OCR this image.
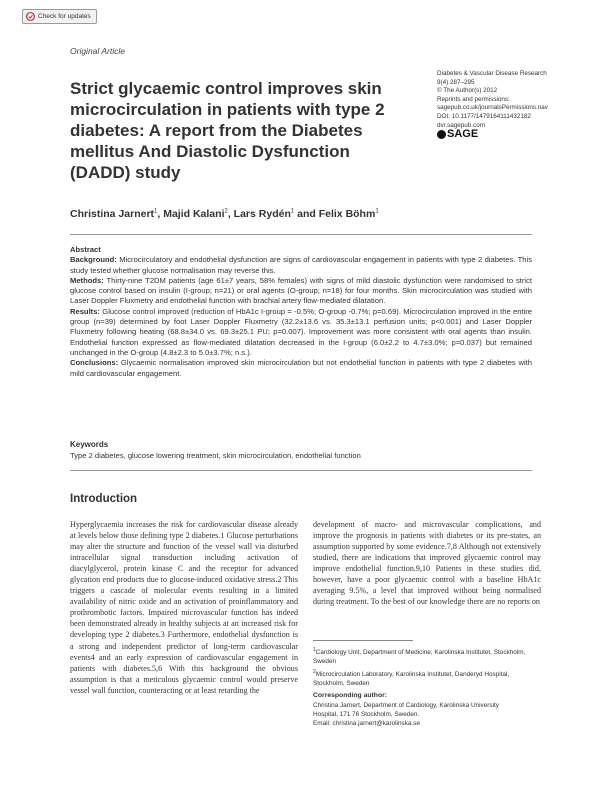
Check for updates
Original Article
Strict glycaemic control improves skin microcirculation in patients with type 2 diabetes: A report from the Diabetes mellitus And Diastolic Dysfunction (DADD) study
Diabetes & Vascular Disease Research
9(4) 287–295
© The Author(s) 2012
Reprints and permissions:
sagepub.co.uk/journalsPermissions.nav
DOI: 10.1177/1479164111432182
dvr.sagepub.com
SAGE
Christina Jarnert$^1$, Majid Kalani$^2$, Lars Rydén$^1$ and Felix Böhm$^1$

Abstract

Background: Microcirculatory and endothelial dysfunction are signs of cardiovascular engagement in patients with type 2 diabetes. This study tested whether glucose normalisation may reverse this.

Methods: Thirty-nine T2DM patients (age 61±7 years, 58% females) with signs of mild diastolic dysfunction were randomised to strict glucose control based on insulin (I-group; n=21) or oral agents (O-group; n=18) for four months. Skin microcirculation was studied with Laser Doppler Fluxmetry and endothelial function with brachial artery flow-mediated dilatation.

Results: Glucose control improved (reduction of HbA1c I-group = -0.5%; O-group -0.7%; p=0.69). Microcirculation improved in the entire group (n=39) determined by foot Laser Doppler Fluxmetry (32.2±13.6 vs. 35.3±13.1 perfusion units; p<0.001) and Laser Doppler Fluxmetry following heating (68.8±34.0 vs. 69.3±25.1 PU; p=0.007). Improvement was more consistent with oral agents than insulin. Endothelial function expressed as flow-mediated dilatation decreased in the I-group (6.0±2.2 to 4.7±3.0%; p=0.037) but remained unchanged in the O-group (4.8±2.3 to 5.0±3.7%; n.s.).

Conclusions: Glycaemic normalisation improved skin microcirculation but not endothelial function in patients with type 2 diabetes with mild cardiovascular engagement.

Keywords
Type 2 diabetes, glucose lowering treatment, skin microcirculation, endothelial function
Introduction

Hyperglycaemia increases the risk for cardiovascular disease already at levels below those defining type 2 diabetes.1 Glucose perturbations may alter the structure and function of the vessel wall via disturbed intracellular signal transduction including activation of diacylglycerol, protein kinase C and the receptor for advanced glycation end products due to glucose-induced oxidative stress.2 This triggers a cascade of molecular events resulting in a limited availability of nitric oxide and an activation of proinflammatory and prothrombotic factors. Impaired microvascular function has indeed been demonstrated already in healthy subjects at an increased risk for developing type 2 diabetes.3 Furthermore, endothelial dysfunction is a strong and independent predictor of long-term cardiovascular events4 and an early expression of cardiovascular engagement in patients with diabetes.5,6 With this background the obvious assumption is that a meticulous glycaemic control would preserve vessel wall function, counteracting or at least retarding the

development of macro- and microvascular complications, and improve the prognosis in patients with diabetes or its pre-states, an assumption supported by some evidence.7,8 Although not extensively studied, there are indications that improved glycaemic control may improve endothelial function.9,10 Patients in these studies did, however, have a poor glycaemic control with a baseline HbA1c averaging 9.5%, a level that improved without being normalised during treatment. To the best of our knowledge there are no reports on

$^1$Cardiology Unit, Department of Medicine, Karolinska Institutet, Stockholm, Sweden

$^2$Microcirculation Laboratory, Karolinska Institutet, Danderyd Hospital, Stockholm, Sweden

Corresponding author:
Christina Jarnert, Department of Cardiology, Karolinska University
Hospital, 171 76 Stockholm, Sweden.
Email: christina.jarnert@karolinska.se
